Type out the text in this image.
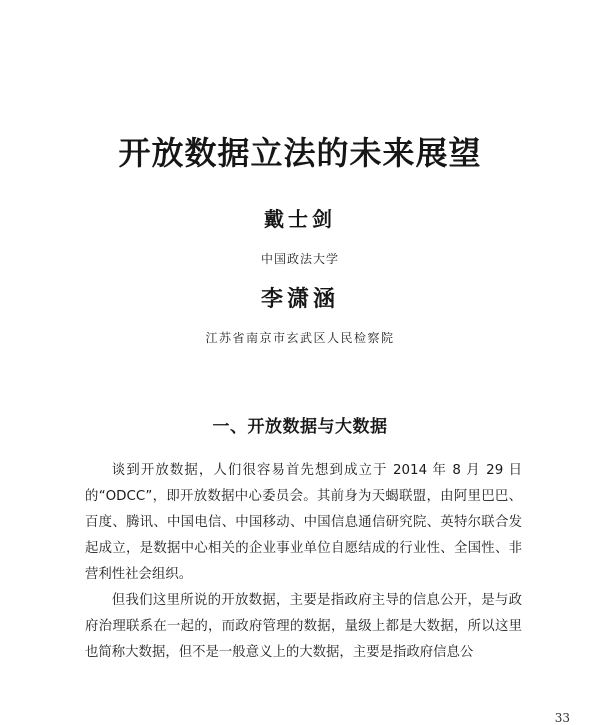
开放数据立法的未来展望
戴士剑
中国政法大学
李潇涵
江苏省南京市玄武区人民检察院
一、开放数据与大数据

谈到开放数据，人们很容易首先想到成立于 2014 年 8 月 29 日的“ODCC”，即开放数据中心委员会。其前身为天蝎联盟，由阿里巴巴、百度、腾讯、中国电信、中国移动、中国信息通信研究院、英特尔联合发起成立，是数据中心相关的企业事业单位自愿结成的行业性、全国性、非营利性社会组织。

但我们这里所说的开放数据，主要是指政府主导的信息公开，是与政府治理联系在一起的，而政府管理的数据，量级上都是大数据，所以这里也简称大数据，但不是一般意义上的大数据，主要是指政府信息公

33
